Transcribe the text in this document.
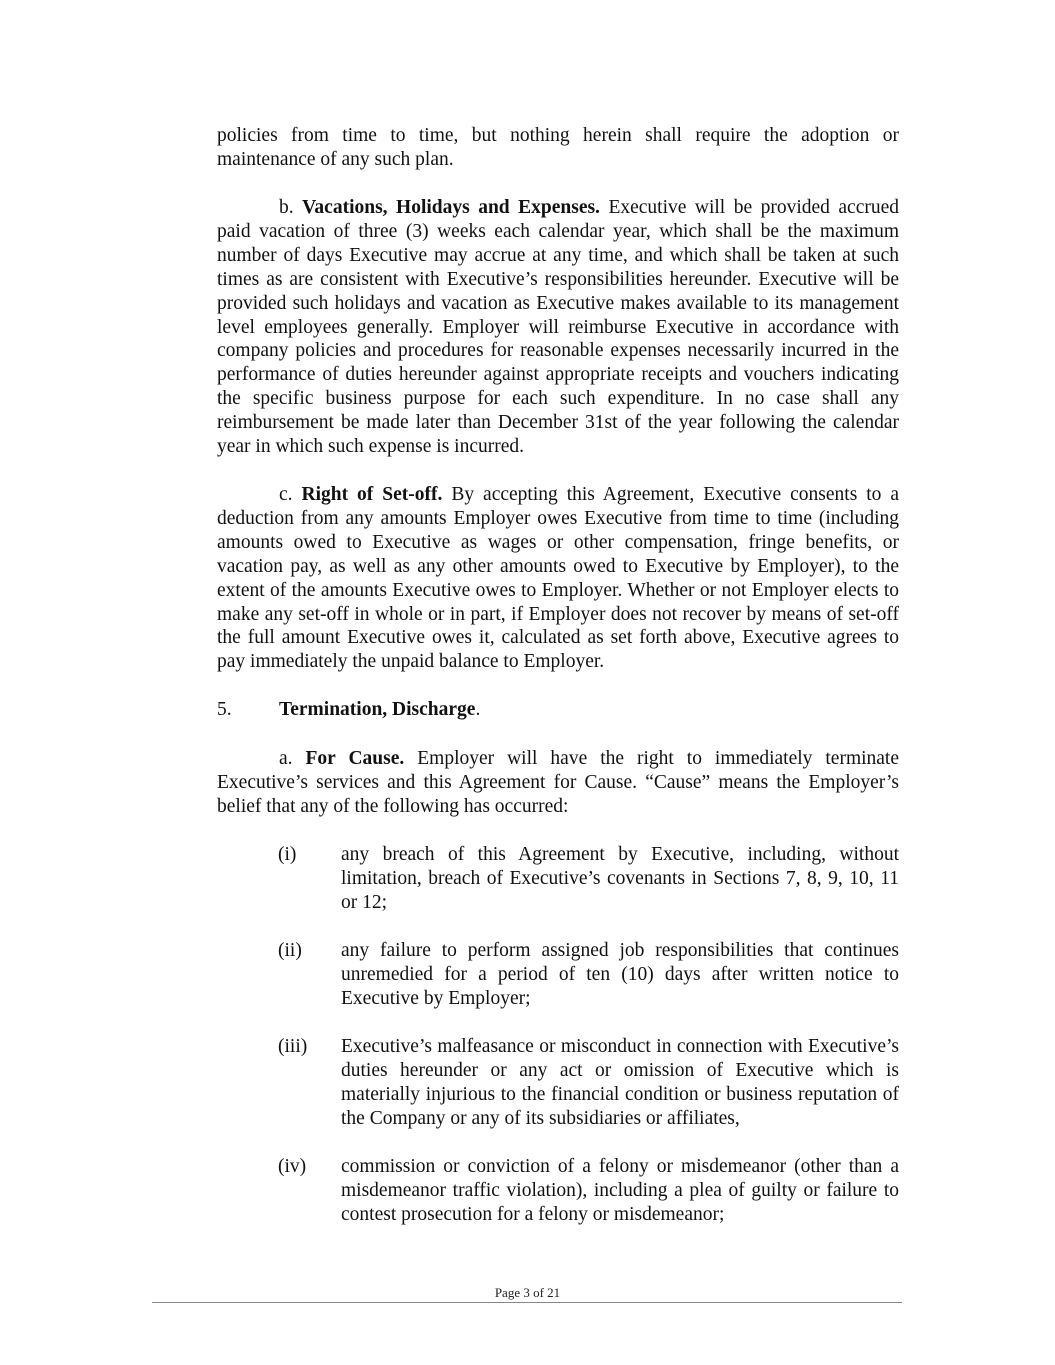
policies from time to time, but nothing herein shall require the adoption or maintenance of any such plan.

b. Vacations, Holidays and Expenses. Executive will be provided accrued paid vacation of three (3) weeks each calendar year, which shall be the maximum number of days Executive may accrue at any time, and which shall be taken at such times as are consistent with Executive’s responsibilities hereunder. Executive will be provided such holidays and vacation as Executive makes available to its management level employees generally. Employer will reimburse Executive in accordance with company policies and procedures for reasonable expenses necessarily incurred in the performance of duties hereunder against appropriate receipts and vouchers indicating the specific business purpose for each such expenditure. In no case shall any reimbursement be made later than December 31st of the year following the calendar year in which such expense is incurred.

c. Right of Set-off. By accepting this Agreement, Executive consents to a deduction from any amounts Employer owes Executive from time to time (including amounts owed to Executive as wages or other compensation, fringe benefits, or vacation pay, as well as any other amounts owed to Executive by Employer), to the extent of the amounts Executive owes to Employer. Whether or not Employer elects to make any set-off in whole or in part, if Employer does not recover by means of set-off the full amount Executive owes it, calculated as set forth above, Executive agrees to pay immediately the unpaid balance to Employer.

5. Termination, Discharge.

a. For Cause. Employer will have the right to immediately terminate Executive’s services and this Agreement for Cause. “Cause” means the Employer’s belief that any of the following has occurred:

(i) any breach of this Agreement by Executive, including, without limitation, breach of Executive’s covenants in Sections 7, 8, 9, 10, 11 or 12;

(ii) any failure to perform assigned job responsibilities that continues unremedied for a period of ten (10) days after written notice to Executive by Employer;

(iii) Executive’s malfeasance or misconduct in connection with Executive’s duties hereunder or any act or omission of Executive which is materially injurious to the financial condition or business reputation of the Company or any of its subsidiaries or affiliates,

(iv) commission or conviction of a felony or misdemeanor (other than a misdemeanor traffic violation), including a plea of guilty or failure to contest prosecution for a felony or misdemeanor;

Page 3 of 21
